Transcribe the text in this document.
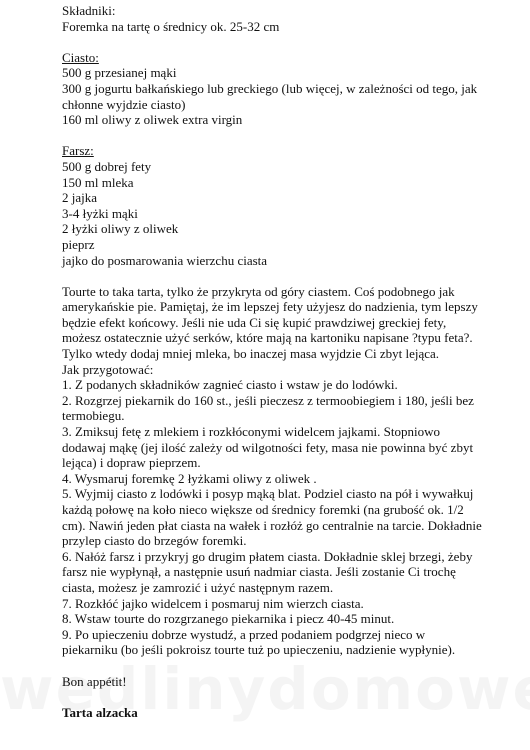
Składniki:
Foremka na tartę o średnicy ok. 25-32 cm
Ciasto:
500 g przesianej mąki
300 g jogurtu bałkańskiego lub greckiego (lub więcej, w zależności od tego, jak
chłonne wyjdzie ciasto)
160 ml oliwy z oliwek extra virgin
Farsz:
500 g dobrej fety
150 ml mleka
2 jajka
3-4 łyżki mąki
2 łyżki oliwy z oliwek
pieprz
jajko do posmarowania wierzchu ciasta
Tourte to taka tarta, tylko że przykryta od góry ciastem. Coś podobnego jak
amerykańskie pie. Pamiętaj, że im lepszej fety użyjesz do nadzienia, tym lepszy
będzie efekt końcowy. Jeśli nie uda Ci się kupić prawdziwej greckiej fety,
możesz ostatecznie użyć serków, które mają na kartoniku napisane ?typu feta?.
Tylko wtedy dodaj mniej mleka, bo inaczej masa wyjdzie Ci zbyt lejąca.
Jak przygotować:
1. Z podanych składników zagnieć ciasto i wstaw je do lodówki.
2. Rozgrzej piekarnik do 160 st., jeśli pieczesz z termoobiegiem i 180, jeśli bez
termobiegu.
3. Zmiksuj fetę z mlekiem i rozkłóconymi widelcem jajkami. Stopniowo
dodawaj mąkę (jej ilość zależy od wilgotności fety, masa nie powinna być zbyt
lejąca) i dopraw pieprzem.
4. Wysmaruj foremkę 2 łyżkami oliwy z oliwek .
5. Wyjmij ciasto z lodówki i posyp mąką blat. Podziel ciasto na pół i wywałkuj
każdą połowę na koło nieco większe od średnicy foremki (na grubość ok. 1/2
cm). Nawiń jeden płat ciasta na wałek i rozłóż go centralnie na tarcie. Dokładnie
przylep ciasto do brzegów foremki.
6. Nałóż farsz i przykryj go drugim płatem ciasta. Dokładnie sklej brzegi, żeby
farsz nie wypłynął, a następnie usuń nadmiar ciasta. Jeśli zostanie Ci trochę
ciasta, możesz je zamrozić i użyć następnym razem.
7. Rozkłóć jajko widelcem i posmaruj nim wierzch ciasta.
8. Wstaw tourte do rozgrzanego piekarnika i piecz 40-45 minut.
9. Po upieczeniu dobrze wystudź, a przed podaniem podgrzej nieco w
piekarniku (bo jeśli pokroisz tourte tuż po upieczeniu, nadzienie wypłynie).
Bon appétit!
Tarta alzacka
